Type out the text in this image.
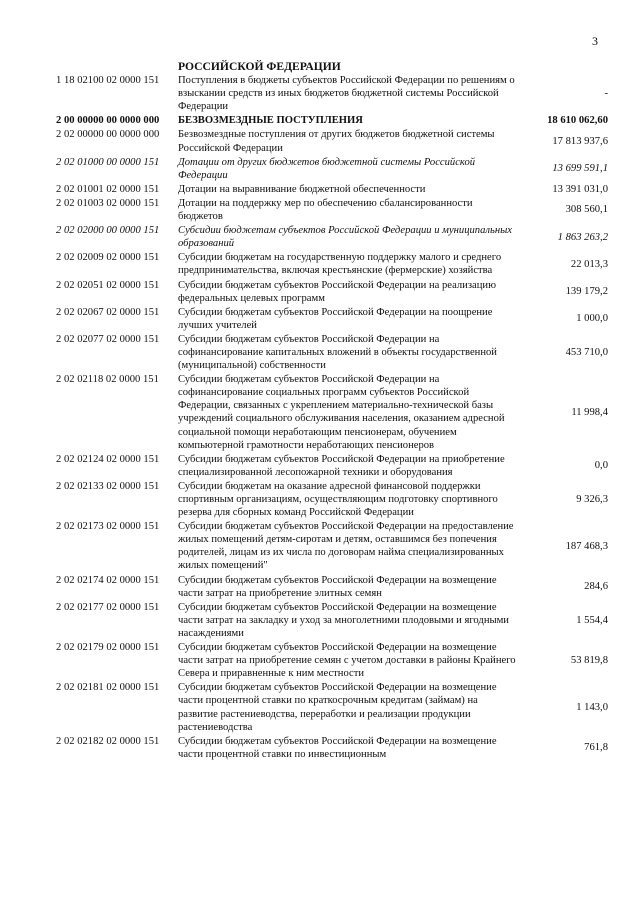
3
	РОССИЙСКОЙ ФЕДЕРАЦИИ	
1 18 02100 02 0000 151	Поступления в бюджеты субъектов Российской Федерации по решениям о взыскании средств из иных бюджетов бюджетной системы Российской Федерации	-
2 00 00000 00 0000 000	БЕЗВОЗМЕЗДНЫЕ ПОСТУПЛЕНИЯ	18 610 062,60
2 02 00000 00 0000 000	Безвозмездные поступления от других бюджетов бюджетной системы Российской Федерации	17 813 937,6
2 02 01000 00 0000 151	Дотации от других бюджетов бюджетной системы Российской Федерации	13 699 591,1
2 02 01001 02 0000 151	Дотации на выравнивание бюджетной обеспеченности	13 391 031,0
2 02 01003 02 0000 151	Дотации на поддержку мер по обеспечению сбалансированности бюджетов	308 560,1
2 02 02000 00 0000 151	Субсидии бюджетам субъектов Российской Федерации и муниципальных образований	1 863 263,2
2 02 02009 02 0000 151	Субсидии бюджетам на государственную поддержку малого и среднего предпринимательства, включая крестьянские (фермерские) хозяйства	22 013,3
2 02 02051 02 0000 151	Субсидии бюджетам субъектов Российской Федерации на реализацию федеральных целевых программ	139 179,2
2 02 02067 02 0000 151	Субсидии бюджетам субъектов Российской Федерации на поощрение лучших учителей	1 000,0
2 02 02077 02 0000 151	Субсидии бюджетам субъектов Российской Федерации на софинансирование капитальных вложений в объекты государственной (муниципальной) собственности	453 710,0
2 02 02118 02 0000 151	Субсидии бюджетам субъектов Российской Федерации на софинансирование социальных программ субъектов Российской Федерации, связанных с укреплением материально-технической базы учреждений социального обслуживания населения, оказанием адресной социальной помощи неработающим пенсионерам, обучением компьютерной грамотности неработающих пенсионеров	11 998,4
2 02 02124 02 0000 151	Субсидии бюджетам субъектов Российской Федерации на приобретение специализированной лесопожарной техники и оборудования	0,0
2 02 02133 02 0000 151	Субсидии бюджетам на оказание адресной финансовой поддержки спортивным организациям, осуществляющим подготовку спортивного резерва для сборных команд Российской Федерации	9 326,3
2 02 02173 02 0000 151	Субсидии бюджетам субъектов Российской Федерации на предоставление жилых помещений детям-сиротам и детям, оставшимся без попечения родителей, лицам из их числа по договорам найма специализированных жилых помещений"	187 468,3
2 02 02174 02 0000 151	Субсидии бюджетам субъектов Российской Федерации на возмещение части затрат на приобретение элитных семян	284,6
2 02 02177 02 0000 151	Субсидии бюджетам субъектов Российской Федерации на возмещение части затрат на закладку и уход за многолетними плодовыми и ягодными насаждениями	1 554,4
2 02 02179 02 0000 151	Субсидии бюджетам субъектов Российской Федерации на возмещение части затрат на приобретение семян с учетом доставки в районы Крайнего Севера и приравненные к ним местности	53 819,8
2 02 02181 02 0000 151	Субсидии бюджетам субъектов Российской Федерации на возмещение части процентной ставки по краткосрочным кредитам (займам) на развитие растениеводства, переработки и реализации продукции растениеводства	1 143,0
2 02 02182 02 0000 151	Субсидии бюджетам субъектов Российской Федерации на возмещение части процентной ставки по инвестиционным	761,8
